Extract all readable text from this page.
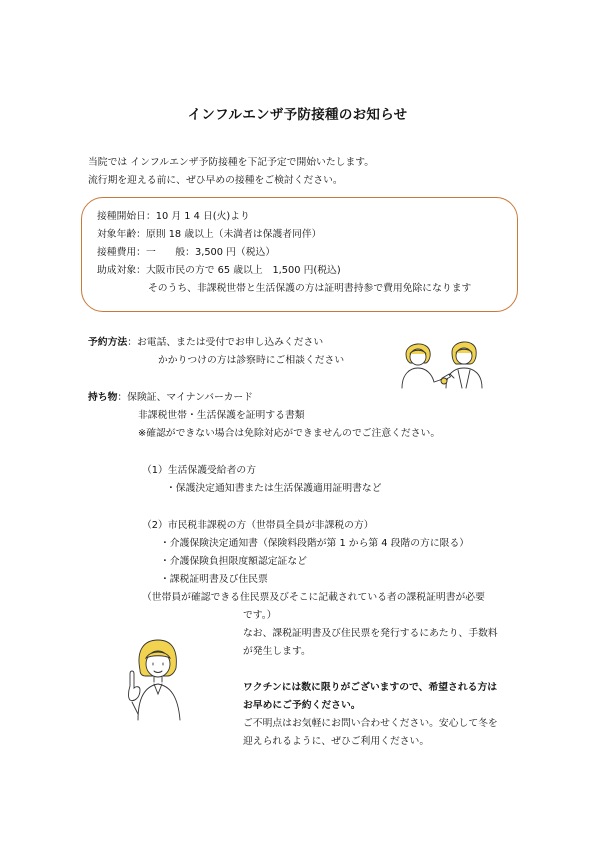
インフルエンザ予防接種のお知らせ
当院では インフルエンザ予防接種を下記予定で開始いたします。
流行期を迎える前に、ぜひ早めの接種をご検討ください。
接種開始日：10 月 1 4 日(火)より
対象年齢：原則 18 歳以上（未満者は保護者同伴）
接種費用：一　　般：3,500 円（税込）
助成対象：大阪市民の方で 65 歳以上　1,500 円(税込)
そのうち、非課税世帯と生活保護の方は証明書持参で費用免除になります
予約方法：お電話、または受付でお申し込みください
かかりつけの方は診察時にご相談ください
持ち物：保険証、マイナンバーカード
非課税世帯・生活保護を証明する書類
※確認ができない場合は免除対応ができませんのでご注意ください。
（1）生活保護受給者の方
・保護決定通知書または生活保護適用証明書など
（2）市民税非課税の方（世帯員全員が非課税の方）
・介護保険決定通知書（保険料段階が第 1 から第 4 段階の方に限る）
・介護保険負担限度額認定証など
・課税証明書及び住民票
（世帯員が確認できる住民票及びそこに記載されている者の課税証明書が必要
です。）
なお、課税証明書及び住民票を発行するにあたり、手数料
が発生します。
ワクチンには数に限りがございますので、希望される方は
お早めにご予約ください。
ご不明点はお気軽にお問い合わせください。安心して冬を
迎えられるように、ぜひご利用ください。
